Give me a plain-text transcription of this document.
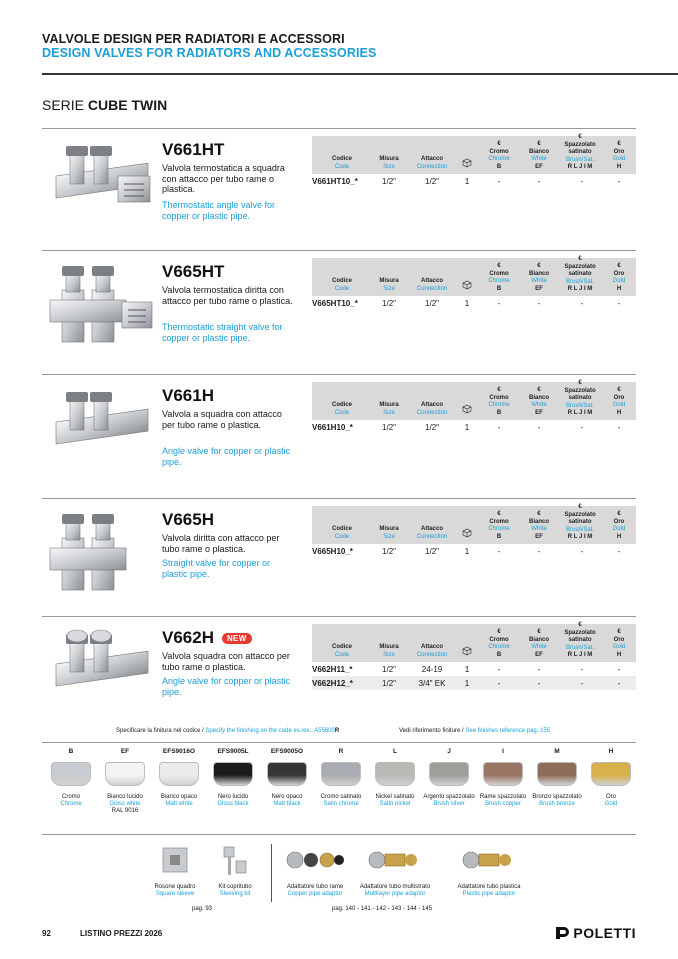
VALVOLE DESIGN PER RADIATORI E ACCESSORI
DESIGN VALVES FOR RADIATORS AND ACCESSORIES
SERIE CUBE TWIN
V661HT
Valvola termostatica a squadra con attacco per tubo rame o plastica.
Thermostatic angle valve for copper or plastic pipe.
Codice
Code
Misura
Size
Attacco
Connection
€
Cromo
Chrome
B
€
Bianco
White
EF
€
Spazzolato satinato
Brush/Sat.
R L J I M
€
Oro
Gold
H
V661HT10_*	1/2"	1/2"	1	-	-	-	-
V665HT
Valvola termostatica diritta con attacco per tubo rame o plastica.
Thermostatic straight valve for copper or plastic pipe.
Codice
Code
Misura
Size
Attacco
Connection
€
Cromo
Chrome
B
€
Bianco
White
EF
€
Spazzolato satinato
Brush/Sat.
R L J I M
€
Oro
Gold
H
V665HT10_*	1/2"	1/2"	1	-	-	-	-
V661H
Valvola a squadra con attacco per tubo rame o plastica.
Angle valve for copper or plastic pipe.
Codice
Code
Misura
Size
Attacco
Connection
€
Cromo
Chrome
B
€
Bianco
White
EF
€
Spazzolato satinato
Brush/Sat.
R L J I M
€
Oro
Gold
H
V661H10_*	1/2"	1/2"	1	-	-	-	-
V665H
Valvola diritta con attacco per tubo rame o plastica.
Straight valve for copper or plastic pipe.
Codice
Code
Misura
Size
Attacco
Connection
€
Cromo
Chrome
B
€
Bianco
White
EF
€
Spazzolato satinato
Brush/Sat.
R L J I M
€
Oro
Gold
H
V665H10_*	1/2"	1/2"	1	-	-	-	-
V662H	NEW
Valvola squadra con attacco per tubo rame o plastica.
Angle valve for copper or plastic pipe.
Codice
Code
Misura
Size
Attacco
Connection
€
Cromo
Chrome
B
€
Bianco
White
EF
€
Spazzolato satinato
Brush/Sat.
R L J I M
€
Oro
Gold
H
V662H11_*	1/2"	24-19	1	-	-	-	-
V662H12_*	1/2"	3/4" EK	1	-	-	-	-
Specificare la finitura nel codice / Specify the finishing on the code es./ex.: A55600R	Vedi riferimento finiture / See finishes reference pag. 155
B
Cromo
Chrome
EF
Bianco lucido
Gloss white
RAL 9016
EFS9016O
Bianco opaco
Matt white
EFS9005L
Nero lucido
Gloss black
EFS9005O
Nero opaco
Matt black
R
Cromo satinato
Satin chrome
L
Nickel satinato
Satin nickel
J
Argento spazzolato
Brush silver
I
Rame spazzolato
Brush copper
M
Bronzo spazzolato
Brush bronze
H
Oro
Gold
Rosone quadro
Square sleeve
Kit copritubo
Sleeving kit
Adattatore tubo rame
Copper pipe adaptor
Adattatore tubo multistrato
Multilayer pipe adaptor
Adattatore tubo plastica
Plastic pipe adaptor
pag. 93	pag. 140 - 141 - 142 - 143 - 144 - 145
92	LISTINO PREZZI 2026	POLETTI
